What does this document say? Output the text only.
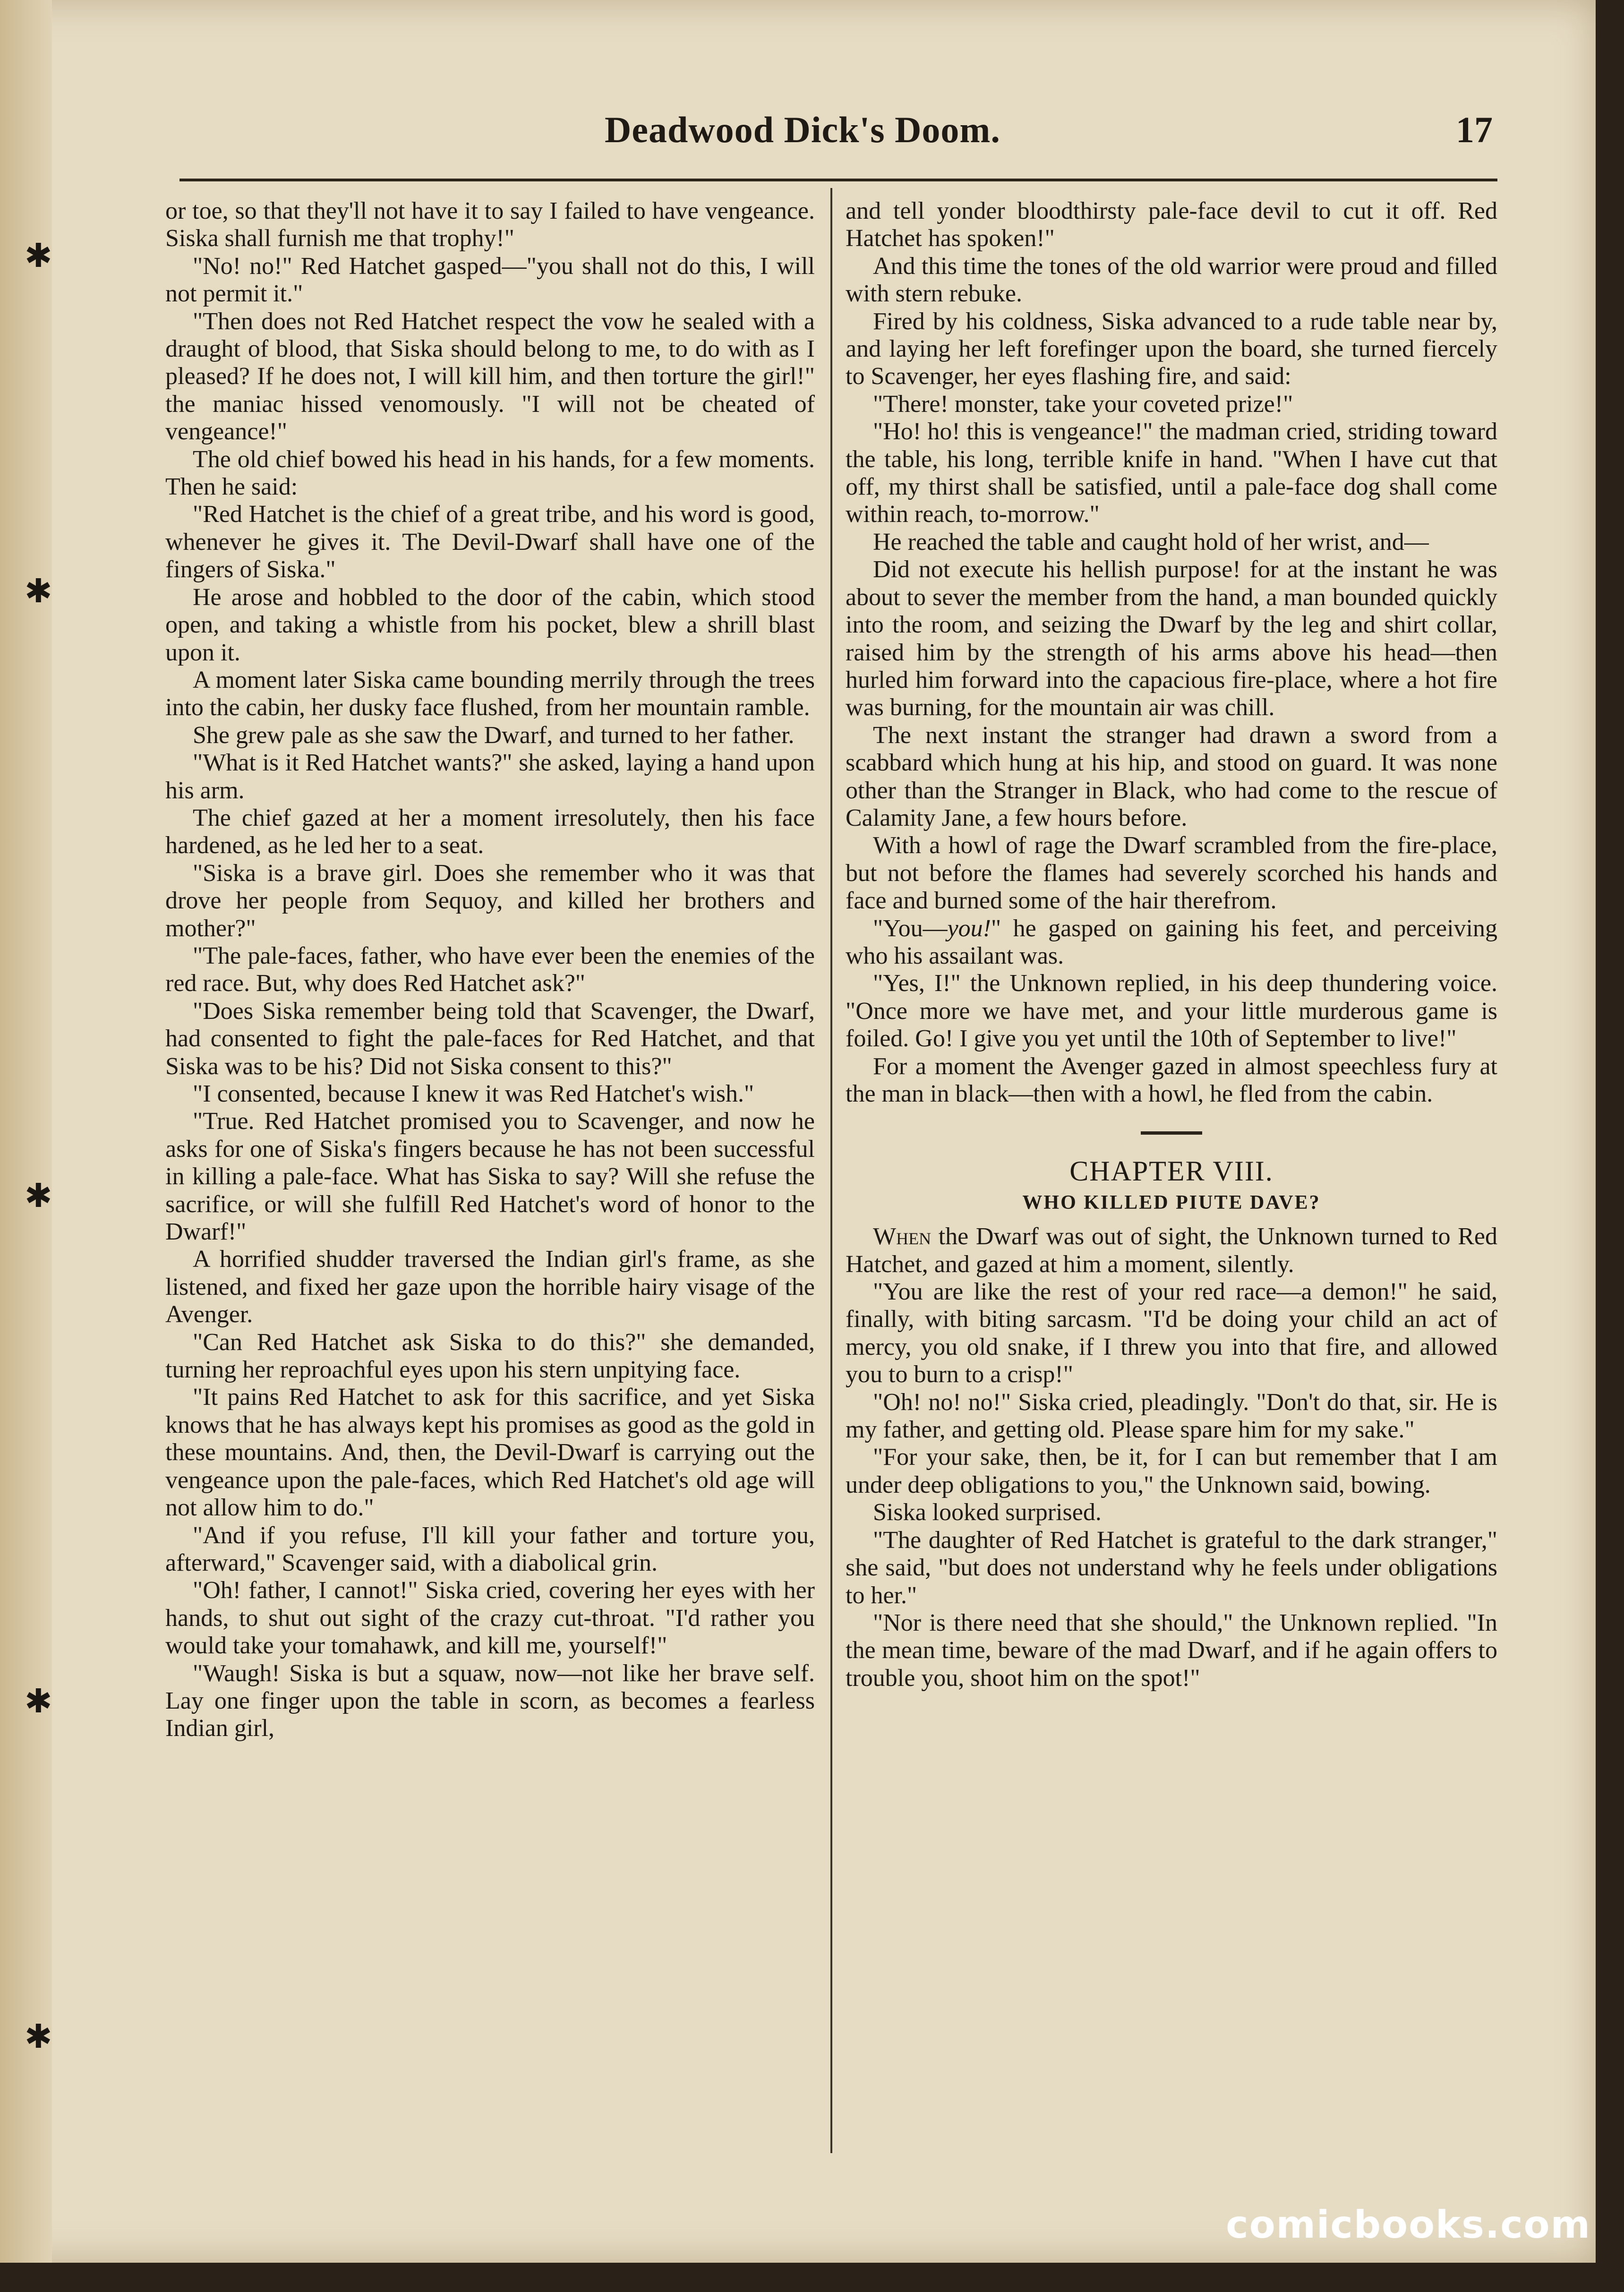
✱
✱
✱
✱
✱
Deadwood Dick's Doom.	17

or toe, so that they'll not have it to say I failed to have vengeance. Siska shall furnish me that trophy!"

"No! no!" Red Hatchet gasped—"you shall not do this, I will not permit it."

"Then does not Red Hatchet respect the vow he sealed with a draught of blood, that Siska should belong to me, to do with as I pleased? If he does not, I will kill him, and then torture the girl!" the maniac hissed venomously. "I will not be cheated of vengeance!"

The old chief bowed his head in his hands, for a few moments. Then he said:

"Red Hatchet is the chief of a great tribe, and his word is good, whenever he gives it. The Devil-Dwarf shall have one of the fingers of Siska."

He arose and hobbled to the door of the cabin, which stood open, and taking a whistle from his pocket, blew a shrill blast upon it.

A moment later Siska came bounding merrily through the trees into the cabin, her dusky face flushed, from her mountain ramble.

She grew pale as she saw the Dwarf, and turned to her father.

"What is it Red Hatchet wants?" she asked, laying a hand upon his arm.

The chief gazed at her a moment irresolutely, then his face hardened, as he led her to a seat.

"Siska is a brave girl. Does she remember who it was that drove her people from Sequoy, and killed her brothers and mother?"

"The pale-faces, father, who have ever been the enemies of the red race. But, why does Red Hatchet ask?"

"Does Siska remember being told that Scavenger, the Dwarf, had consented to fight the pale-faces for Red Hatchet, and that Siska was to be his? Did not Siska consent to this?"

"I consented, because I knew it was Red Hatchet's wish."

"True. Red Hatchet promised you to Scavenger, and now he asks for one of Siska's fingers because he has not been successful in killing a pale-face. What has Siska to say? Will she refuse the sacrifice, or will she fulfill Red Hatchet's word of honor to the Dwarf!"

A horrified shudder traversed the Indian girl's frame, as she listened, and fixed her gaze upon the horrible hairy visage of the Avenger.

"Can Red Hatchet ask Siska to do this?" she demanded, turning her reproachful eyes upon his stern unpitying face.

"It pains Red Hatchet to ask for this sacrifice, and yet Siska knows that he has always kept his promises as good as the gold in these mountains. And, then, the Devil-Dwarf is carrying out the vengeance upon the pale-faces, which Red Hatchet's old age will not allow him to do."

"And if you refuse, I'll kill your father and torture you, afterward," Scavenger said, with a diabolical grin.

"Oh! father, I cannot!" Siska cried, covering her eyes with her hands, to shut out sight of the crazy cut-throat. "I'd rather you would take your tomahawk, and kill me, yourself!"

"Waugh! Siska is but a squaw, now—not like her brave self. Lay one finger upon the table in scorn, as becomes a fearless Indian girl,

and tell yonder bloodthirsty pale-face devil to cut it off. Red Hatchet has spoken!"

And this time the tones of the old warrior were proud and filled with stern rebuke.

Fired by his coldness, Siska advanced to a rude table near by, and laying her left forefinger upon the board, she turned fiercely to Scavenger, her eyes flashing fire, and said:

"There! monster, take your coveted prize!"

"Ho! ho! this is vengeance!" the madman cried, striding toward the table, his long, terrible knife in hand. "When I have cut that off, my thirst shall be satisfied, until a pale-face dog shall come within reach, to-morrow."

He reached the table and caught hold of her wrist, and—

Did not execute his hellish purpose! for at the instant he was about to sever the member from the hand, a man bounded quickly into the room, and seizing the Dwarf by the leg and shirt collar, raised him by the strength of his arms above his head—then hurled him forward into the capacious fire-place, where a hot fire was burning, for the mountain air was chill.

The next instant the stranger had drawn a sword from a scabbard which hung at his hip, and stood on guard. It was none other than the Stranger in Black, who had come to the rescue of Calamity Jane, a few hours before.

With a howl of rage the Dwarf scrambled from the fire-place, but not before the flames had severely scorched his hands and face and burned some of the hair therefrom.

"You—you!" he gasped on gaining his feet, and perceiving who his assailant was.

"Yes, I!" the Unknown replied, in his deep thundering voice. "Once more we have met, and your little murderous game is foiled. Go! I give you yet until the 10th of September to live!"

For a moment the Avenger gazed in almost speechless fury at the man in black—then with a howl, he fled from the cabin.

CHAPTER VIII.
WHO KILLED PIUTE DAVE?

When the Dwarf was out of sight, the Unknown turned to Red Hatchet, and gazed at him a moment, silently.

"You are like the rest of your red race—a demon!" he said, finally, with biting sarcasm. "I'd be doing your child an act of mercy, you old snake, if I threw you into that fire, and allowed you to burn to a crisp!"

"Oh! no! no!" Siska cried, pleadingly. "Don't do that, sir. He is my father, and getting old. Please spare him for my sake."

"For your sake, then, be it, for I can but remember that I am under deep obligations to you," the Unknown said, bowing.

Siska looked surprised.

"The daughter of Red Hatchet is grateful to the dark stranger," she said, "but does not understand why he feels under obligations to her."

"Nor is there need that she should," the Unknown replied. "In the mean time, beware of the mad Dwarf, and if he again offers to trouble you, shoot him on the spot!"

comicbooks.com
